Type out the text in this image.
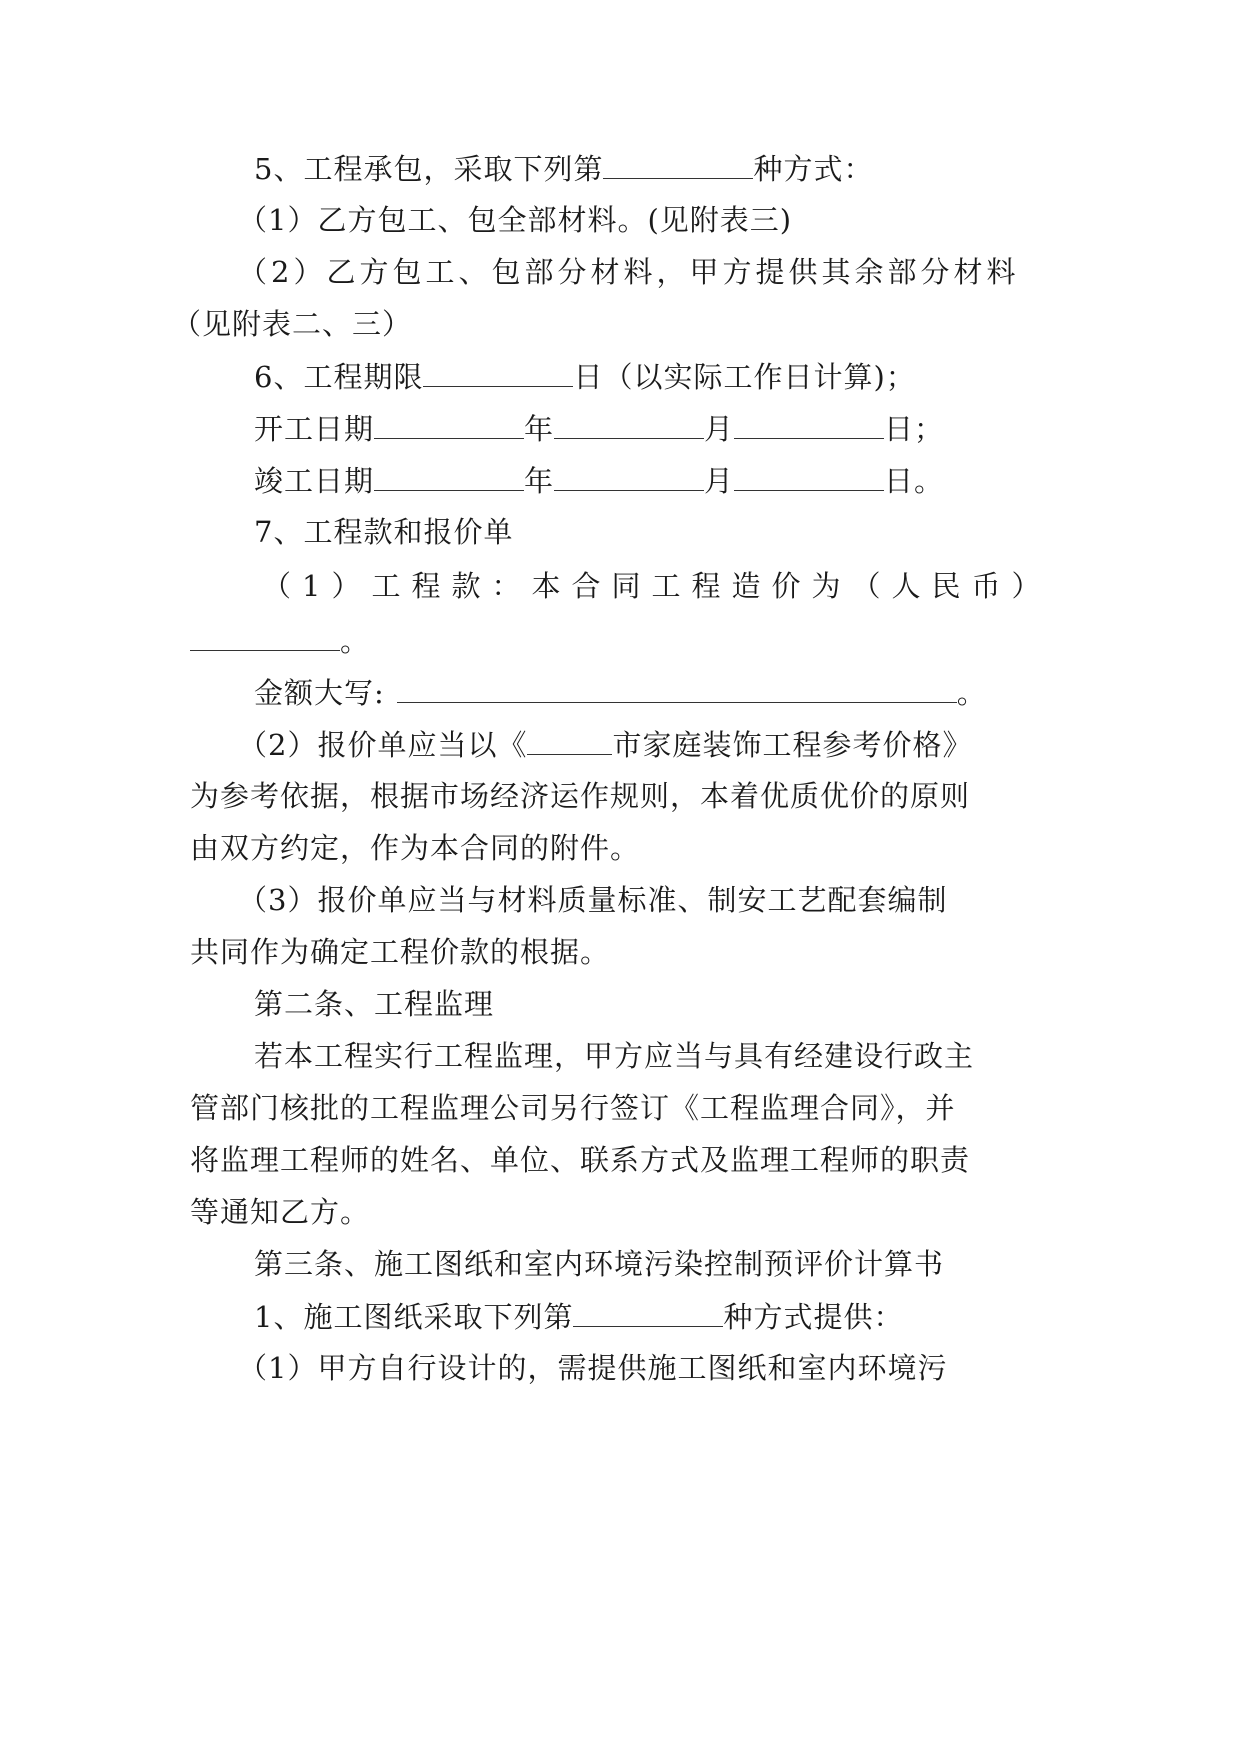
5、工程承包，采取下列第	种方式：
（1）乙方包工、包全部材料。(见附表三)
（2）乙方包工、包部分材料，甲方提供其余部分材料
（见附表二、三）
6、工程期限	日（以实际工作日计算)；
开工日期	年	月	日；
竣工日期	年	月	日。
7、工程款和报价单
（1）工程款：本合同工程造价为（人民币）
。
金额大写:	。
（2）报价单应当以《	市家庭装饰工程参考价格》
为参考依据，根据市场经济运作规则，本着优质优价的原则
由双方约定，作为本合同的附件。
（3）报价单应当与材料质量标准、制安工艺配套编制
共同作为确定工程价款的根据。
第二条、工程监理
若本工程实行工程监理，甲方应当与具有经建设行政主
管部门核批的工程监理公司另行签订《工程监理合同》，并
将监理工程师的姓名、单位、联系方式及监理工程师的职责
等通知乙方。
第三条、施工图纸和室内环境污染控制预评价计算书
1、施工图纸采取下列第	种方式提供：
（1）甲方自行设计的，需提供施工图纸和室内环境污
